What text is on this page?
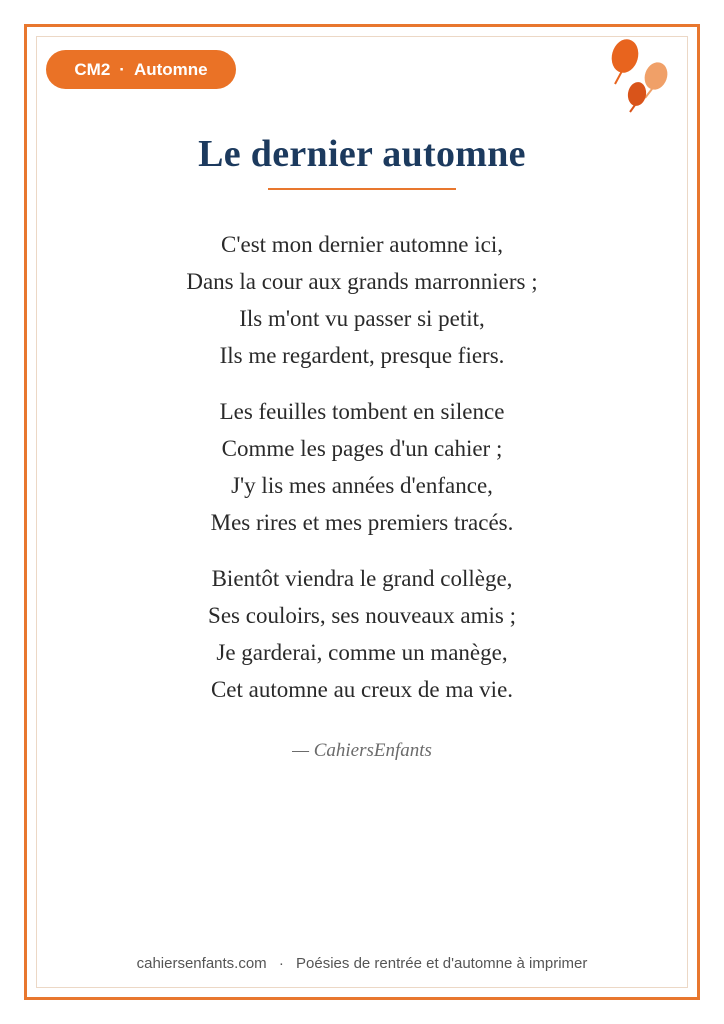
CM2 · Automne
Le dernier automne
C'est mon dernier automne ici,
Dans la cour aux grands marronniers ;
Ils m'ont vu passer si petit,
Ils me regardent, presque fiers.
Les feuilles tombent en silence
Comme les pages d'un cahier ;
J'y lis mes années d'enfance,
Mes rires et mes premiers tracés.
Bientôt viendra le grand collège,
Ses couloirs, ses nouveaux amis ;
Je garderai, comme un manège,
Cet automne au creux de ma vie.
— CahiersEnfants
cahiersenfants.com · Poésies de rentrée et d'automne à imprimer
